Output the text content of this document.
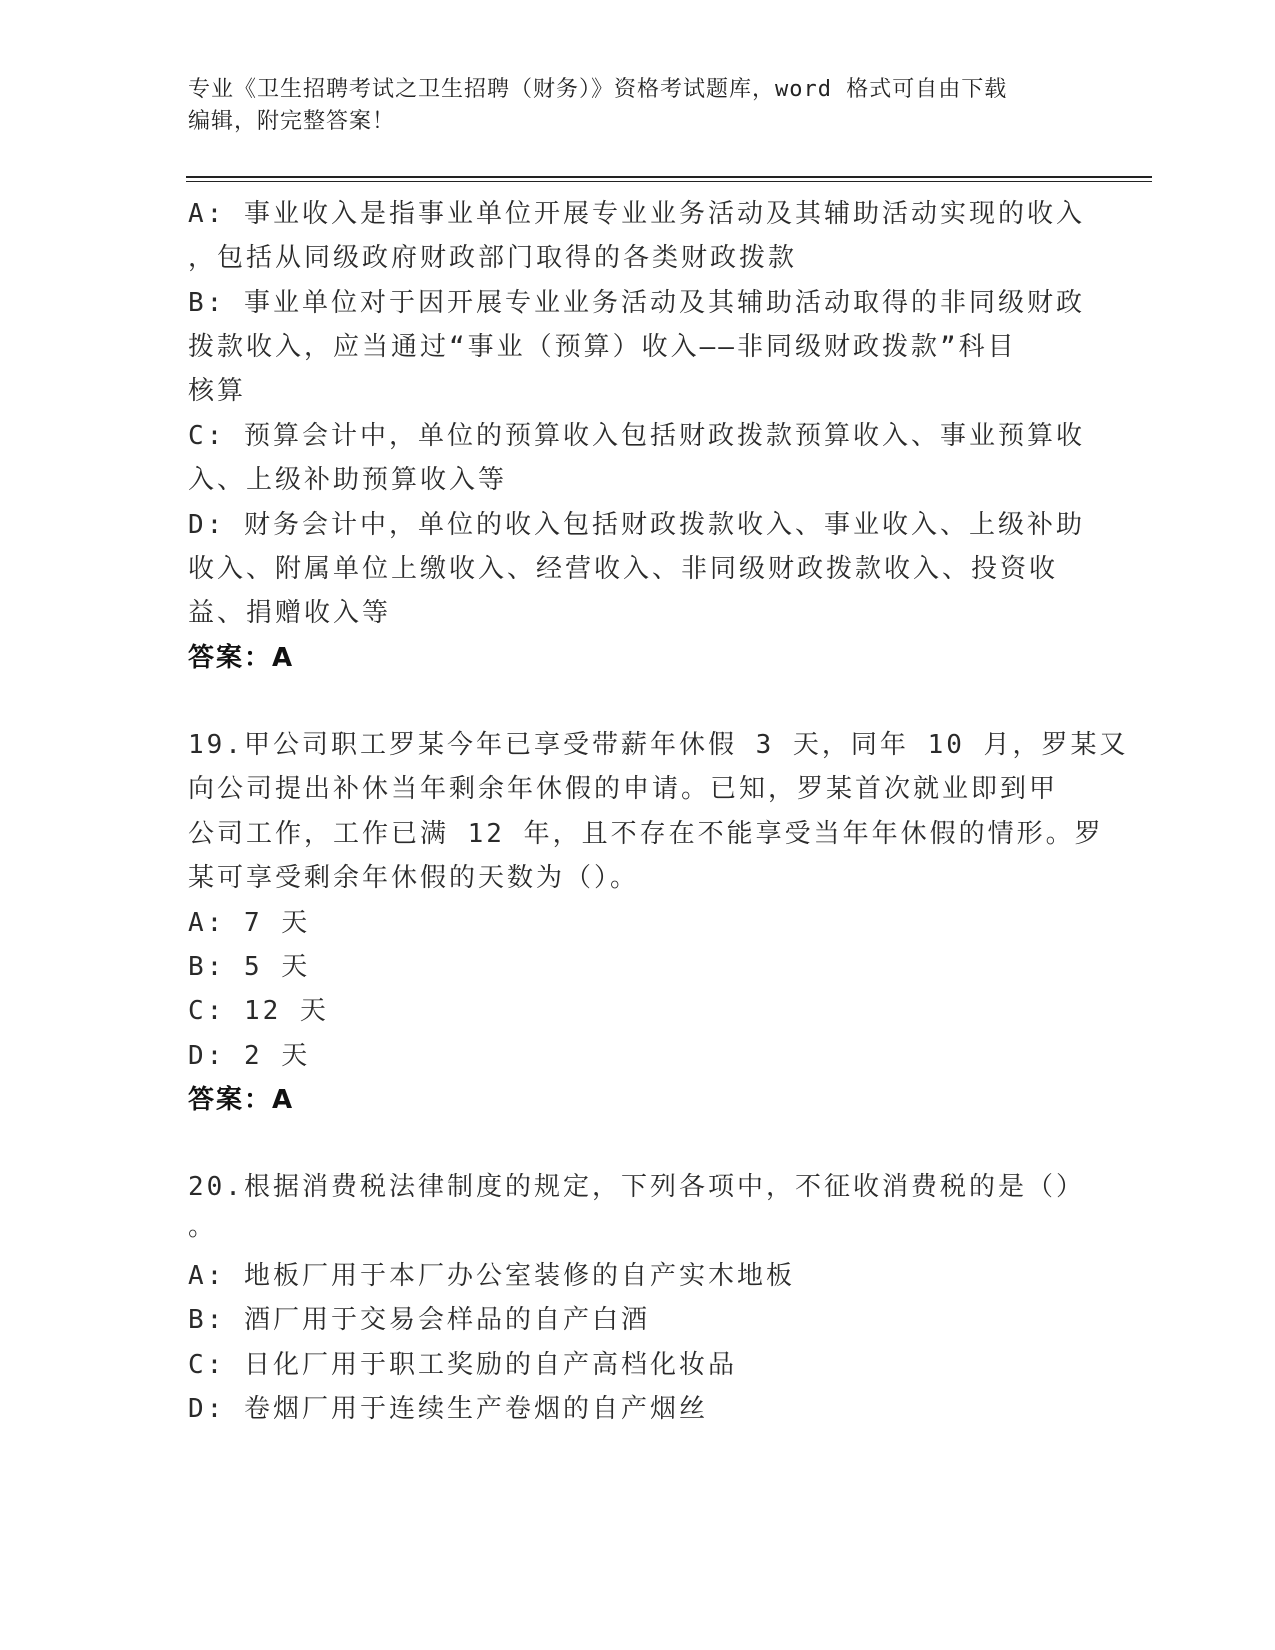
专业《卫生招聘考试之卫生招聘（财务）》资格考试题库，word 格式可自由下载
编辑，附完整答案！
A: 事业收入是指事业单位开展专业业务活动及其辅助活动实现的收入
，包括从同级政府财政部门取得的各类财政拨款
B: 事业单位对于因开展专业业务活动及其辅助活动取得的非同级财政
拨款收入，应当通过“事业（预算）收入——非同级财政拨款”科目
核算
C: 预算会计中，单位的预算收入包括财政拨款预算收入、事业预算收
入、上级补助预算收入等
D: 财务会计中，单位的收入包括财政拨款收入、事业收入、上级补助
收入、附属单位上缴收入、经营收入、非同级财政拨款收入、投资收
益、捐赠收入等
答案：A
19.甲公司职工罗某今年已享受带薪年休假 3 天，同年 10 月，罗某又
向公司提出补休当年剩余年休假的申请。已知，罗某首次就业即到甲
公司工作，工作已满 12 年，且不存在不能享受当年年休假的情形。罗
某可享受剩余年休假的天数为（）。
A: 7 天
B: 5 天
C: 12 天
D: 2 天
答案：A
20.根据消费税法律制度的规定，下列各项中，不征收消费税的是（）
。
A: 地板厂用于本厂办公室装修的自产实木地板
B: 酒厂用于交易会样品的自产白酒
C: 日化厂用于职工奖励的自产高档化妆品
D: 卷烟厂用于连续生产卷烟的自产烟丝
